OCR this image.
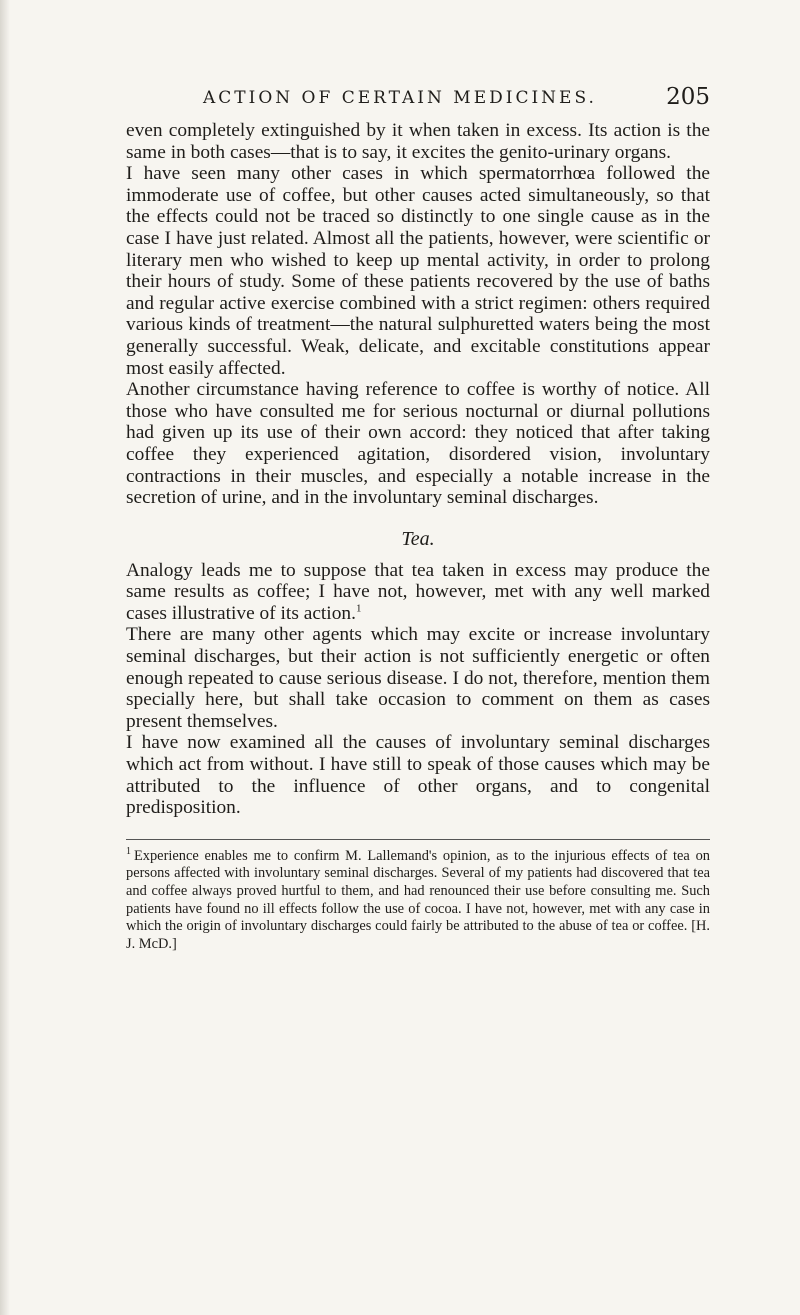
ACTION OF CERTAIN MEDICINES.	205

even completely extinguished by it when taken in excess. Its action is the same in both cases—that is to say, it excites the genito-urinary organs.

I have seen many other cases in which spermatorrhœa followed the immoderate use of coffee, but other causes acted simultaneously, so that the effects could not be traced so distinctly to one single cause as in the case I have just related. Almost all the patients, however, were scientific or literary men who wished to keep up mental activity, in order to prolong their hours of study. Some of these patients recovered by the use of baths and regular active exercise combined with a strict regimen: others required various kinds of treatment—the natural sulphuretted waters being the most generally successful. Weak, delicate, and excitable constitutions appear most easily affected.

Another circumstance having reference to coffee is worthy of notice. All those who have consulted me for serious nocturnal or diurnal pollutions had given up its use of their own accord: they noticed that after taking coffee they experienced agitation, disordered vision, involuntary contractions in their muscles, and especially a notable increase in the secretion of urine, and in the involuntary seminal discharges.

Tea.

Analogy leads me to suppose that tea taken in excess may produce the same results as coffee; I have not, however, met with any well marked cases illustrative of its action.$^1$

There are many other agents which may excite or increase involuntary seminal discharges, but their action is not sufficiently energetic or often enough repeated to cause serious disease. I do not, therefore, mention them specially here, but shall take occasion to comment on them as cases present themselves.

I have now examined all the causes of involuntary seminal discharges which act from without. I have still to speak of those causes which may be attributed to the influence of other organs, and to congenital predisposition.

$^1$ Experience enables me to confirm M. Lallemand's opinion, as to the injurious effects of tea on persons affected with involuntary seminal discharges. Several of my patients had discovered that tea and coffee always proved hurtful to them, and had renounced their use before consulting me. Such patients have found no ill effects follow the use of cocoa. I have not, however, met with any case in which the origin of involuntary discharges could fairly be attributed to the abuse of tea or coffee. [H. J. McD.]
